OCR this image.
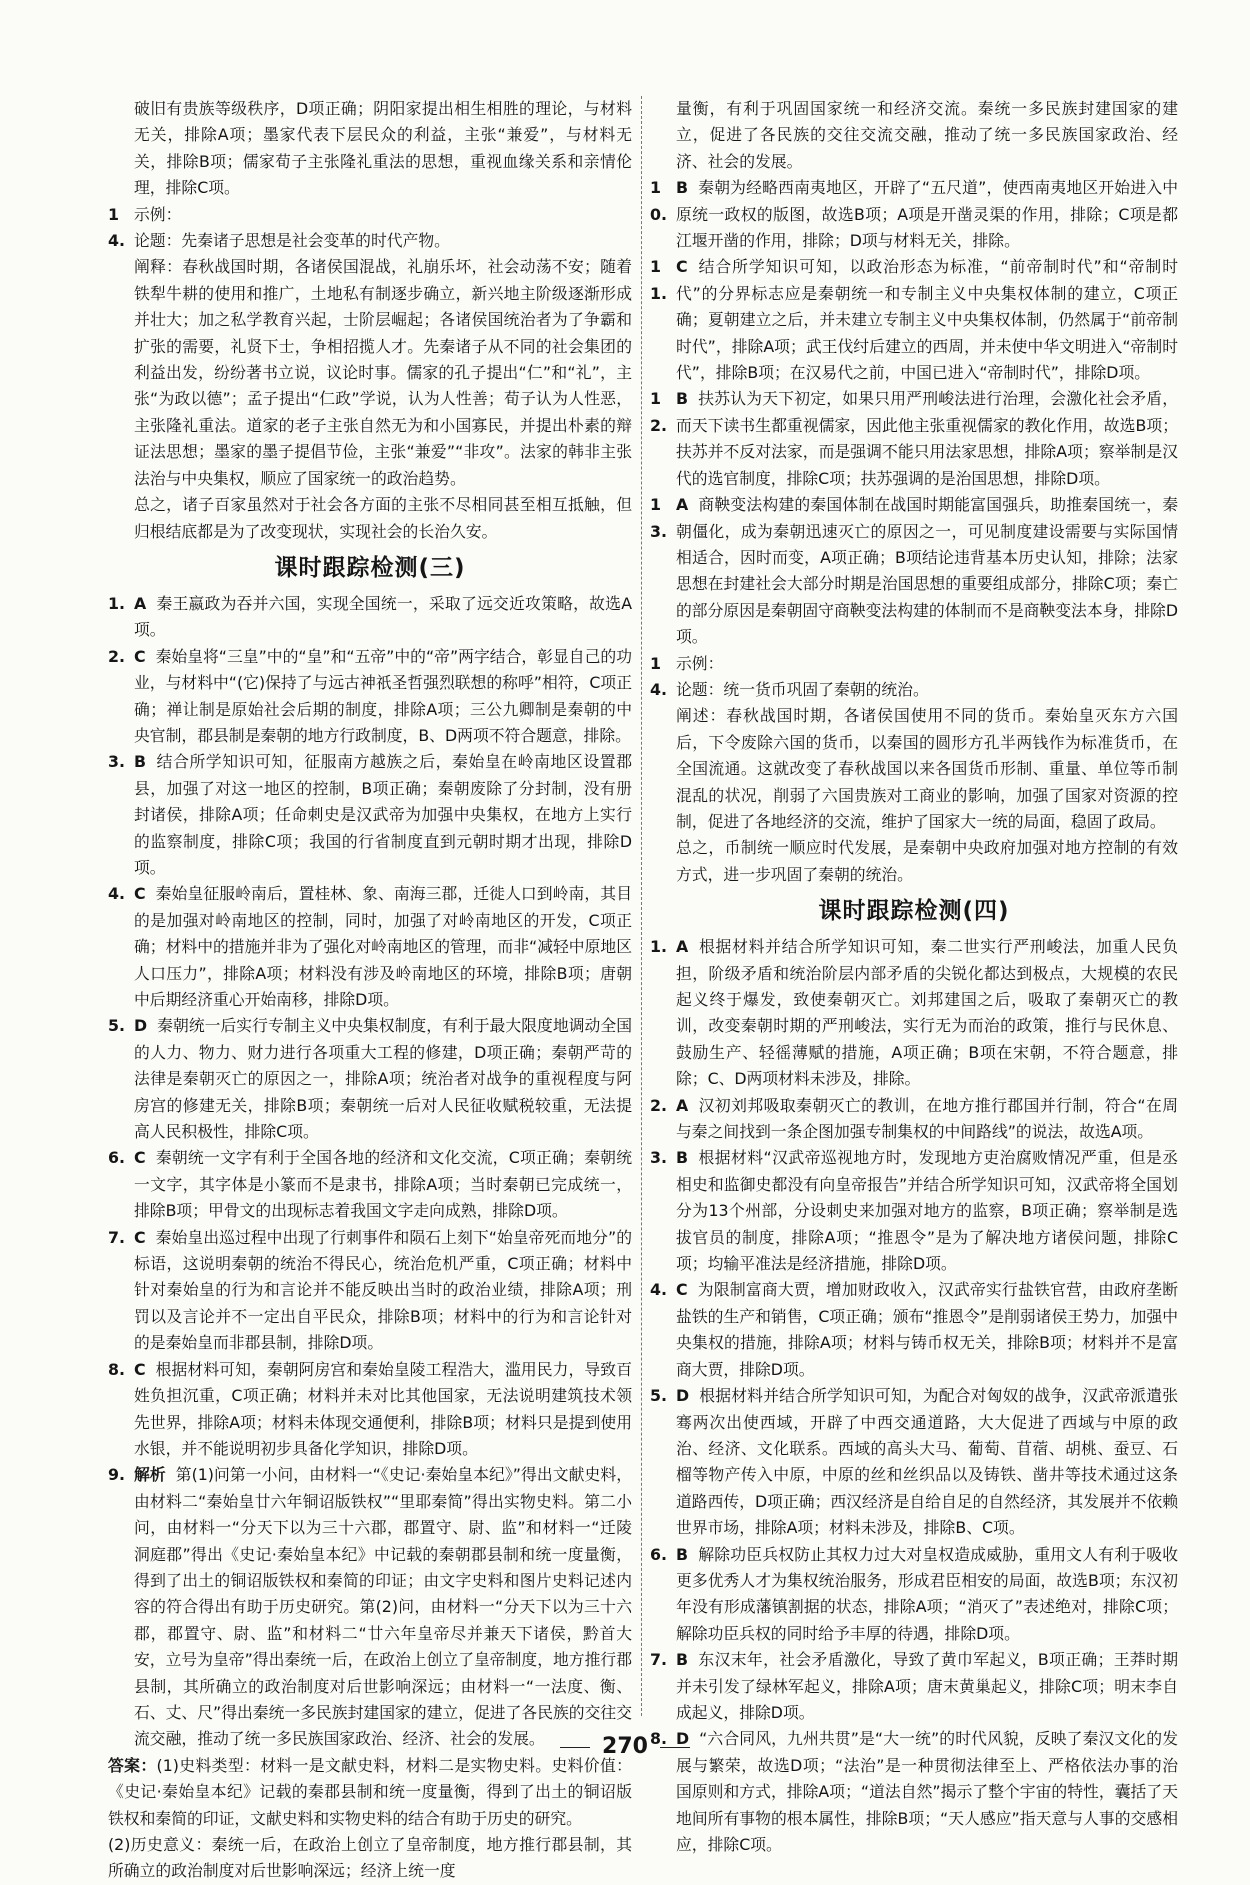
破旧有贵族等级秩序，D项正确；阴阳家提出相生相胜的理论，与材料无关，排除A项；墨家代表下层民众的利益，主张“兼爱”，与材料无关，排除B项；儒家荀子主张隆礼重法的思想，重视血缘关系和亲情伦理，排除C项。

14.

示例：

论题：先秦诸子思想是社会变革的时代产物。

阐释：春秋战国时期，各诸侯国混战，礼崩乐坏，社会动荡不安；随着铁犁牛耕的使用和推广，土地私有制逐步确立，新兴地主阶级逐渐形成并壮大；加之私学教育兴起，士阶层崛起；各诸侯国统治者为了争霸和扩张的需要，礼贤下士，争相招揽人才。先秦诸子从不同的社会集团的利益出发，纷纷著书立说，议论时事。儒家的孔子提出“仁”和“礼”，主张“为政以德”；孟子提出“仁政”学说，认为人性善；荀子认为人性恶，主张隆礼重法。道家的老子主张自然无为和小国寡民，并提出朴素的辩证法思想；墨家的墨子提倡节俭，主张“兼爱”“非攻”。法家的韩非主张法治与中央集权，顺应了国家统一的政治趋势。

总之，诸子百家虽然对于社会各方面的主张不尽相同甚至相互抵触，但归根结底都是为了改变现状，实现社会的长治久安。

课时跟踪检测(三)
1. A 秦王嬴政为吞并六国，实现全国统一，采取了远交近攻策略，故选A项。
2. C 秦始皇将“三皇”中的“皇”和“五帝”中的“帝”两字结合，彰显自己的功业，与材料中“(它)保持了与远古神祇圣哲强烈联想的称呼”相符，C项正确；禅让制是原始社会后期的制度，排除A项；三公九卿制是秦朝的中央官制，郡县制是秦朝的地方行政制度，B、D两项不符合题意，排除。
3. B 结合所学知识可知，征服南方越族之后，秦始皇在岭南地区设置郡县，加强了对这一地区的控制，B项正确；秦朝废除了分封制，没有册封诸侯，排除A项；任命刺史是汉武帝为加强中央集权，在地方上实行的监察制度，排除C项；我国的行省制度直到元朝时期才出现，排除D项。
4. C 秦始皇征服岭南后，置桂林、象、南海三郡，迁徙人口到岭南，其目的是加强对岭南地区的控制，同时，加强了对岭南地区的开发，C项正确；材料中的措施并非为了强化对岭南地区的管理，而非“减轻中原地区人口压力”，排除A项；材料没有涉及岭南地区的环境，排除B项；唐朝中后期经济重心开始南移，排除D项。
5. D 秦朝统一后实行专制主义中央集权制度，有利于最大限度地调动全国的人力、物力、财力进行各项重大工程的修建，D项正确；秦朝严苛的法律是秦朝灭亡的原因之一，排除A项；统治者对战争的重视程度与阿房宫的修建无关，排除B项；秦朝统一后对人民征收赋税较重，无法提高人民积极性，排除C项。
6. C 秦朝统一文字有利于全国各地的经济和文化交流，C项正确；秦朝统一文字，其字体是小篆而不是隶书，排除A项；当时秦朝已完成统一，排除B项；甲骨文的出现标志着我国文字走向成熟，排除D项。
7. C 秦始皇出巡过程中出现了行刺事件和陨石上刻下“始皇帝死而地分”的标语，这说明秦朝的统治不得民心，统治危机严重，C项正确；材料中针对秦始皇的行为和言论并不能反映出当时的政治业绩，排除A项；刑罚以及言论并不一定出自平民众，排除B项；材料中的行为和言论针对的是秦始皇而非郡县制，排除D项。
8. C 根据材料可知，秦朝阿房宫和秦始皇陵工程浩大，滥用民力，导致百姓负担沉重，C项正确；材料并未对比其他国家，无法说明建筑技术领先世界，排除A项；材料未体现交通便利，排除B项；材料只是提到使用水银，并不能说明初步具备化学知识，排除D项。
9. 解析 第(1)问第一小问，由材料一“《史记·秦始皇本纪》”得出文献史料，由材料二“秦始皇廿六年铜诏版铁权”“里耶秦简”得出实物史料。第二小问，由材料一“分天下以为三十六郡，郡置守、尉、监”和材料一“迁陵洞庭郡”得出《史记·秦始皇本纪》中记载的秦朝郡县制和统一度量衡，得到了出土的铜诏版铁权和秦简的印证；由文字史料和图片史料记述内容的符合得出有助于历史研究。第(2)问，由材料一“分天下以为三十六郡，郡置守、尉、监”和材料二“廿六年皇帝尽并兼天下诸侯，黔首大安，立号为皇帝”得出秦统一后，在政治上创立了皇帝制度，地方推行郡县制，其所确立的政治制度对后世影响深远；由材料一“一法度、衡、石、丈、尺”得出秦统一多民族封建国家的建立，促进了各民族的交往交流交融，推动了统一多民族国家政治、经济、社会的发展。

答案：(1)史料类型：材料一是文献史料，材料二是实物史料。史料价值：《史记·秦始皇本纪》记载的秦郡县制和统一度量衡，得到了出土的铜诏版铁权和秦简的印证，文献史料和实物史料的结合有助于历史的研究。

(2)历史意义：秦统一后，在政治上创立了皇帝制度，地方推行郡县制，其所确立的政治制度对后世影响深远；经济上统一度

量衡，有利于巩固国家统一和经济交流。秦统一多民族封建国家的建立，促进了各民族的交往交流交融，推动了统一多民族国家政治、经济、社会的发展。

10.
B 秦朝为经略西南夷地区，开辟了“五尺道”，使西南夷地区开始进入中原统一政权的版图，故选B项；A项是开凿灵渠的作用，排除；C项是都江堰开凿的作用，排除；D项与材料无关，排除。
11.
C 结合所学知识可知，以政治形态为标准，“前帝制时代”和“帝制时代”的分界标志应是秦朝统一和专制主义中央集权体制的建立，C项正确；夏朝建立之后，并未建立专制主义中央集权体制，仍然属于“前帝制时代”，排除A项；武王伐纣后建立的西周，并未使中华文明进入“帝制时代”，排除B项；在汉易代之前，中国已进入“帝制时代”，排除D项。
12.
B 扶苏认为天下初定，如果只用严刑峻法进行治理，会激化社会矛盾，而天下读书生都重视儒家，因此他主张重视儒家的教化作用，故选B项；扶苏并不反对法家，而是强调不能只用法家思想，排除A项；察举制是汉代的选官制度，排除C项；扶苏强调的是治国思想，排除D项。
13.
A 商鞅变法构建的秦国体制在战国时期能富国强兵，助推秦国统一，秦朝僵化，成为秦朝迅速灭亡的原因之一，可见制度建设需要与实际国情相适合，因时而变，A项正确；B项结论违背基本历史认知，排除；法家思想在封建社会大部分时期是治国思想的重要组成部分，排除C项；秦亡的部分原因是秦朝固守商鞅变法构建的体制而不是商鞅变法本身，排除D项。
14.

示例：

论题：统一货币巩固了秦朝的统治。

阐述：春秋战国时期，各诸侯国使用不同的货币。秦始皇灭东方六国后，下令废除六国的货币，以秦国的圆形方孔半两钱作为标准货币，在全国流通。这就改变了春秋战国以来各国货币形制、重量、单位等币制混乱的状况，削弱了六国贵族对工商业的影响，加强了国家对资源的控制，促进了各地经济的交流，维护了国家大一统的局面，稳固了政局。

总之，币制统一顺应时代发展，是秦朝中央政府加强对地方控制的有效方式，进一步巩固了秦朝的统治。

课时跟踪检测(四)
1. A 根据材料并结合所学知识可知，秦二世实行严刑峻法，加重人民负担，阶级矛盾和统治阶层内部矛盾的尖锐化都达到极点，大规模的农民起义终于爆发，致使秦朝灭亡。刘邦建国之后，吸取了秦朝灭亡的教训，改变秦朝时期的严刑峻法，实行无为而治的政策，推行与民休息、鼓励生产、轻徭薄赋的措施，A项正确；B项在宋朝，不符合题意，排除；C、D两项材料未涉及，排除。
2. A 汉初刘邦吸取秦朝灭亡的教训，在地方推行郡国并行制，符合“在周与秦之间找到一条企图加强专制集权的中间路线”的说法，故选A项。
3. B 根据材料“汉武帝巡视地方时，发现地方吏治腐败情况严重，但是丞相史和监御史都没有向皇帝报告”并结合所学知识可知，汉武帝将全国划分为13个州部，分设刺史来加强对地方的监察，B项正确；察举制是选拔官员的制度，排除A项；“推恩令”是为了解决地方诸侯问题，排除C项；均输平准法是经济措施，排除D项。
4. C 为限制富商大贾，增加财政收入，汉武帝实行盐铁官营，由政府垄断盐铁的生产和销售，C项正确；颁布“推恩令”是削弱诸侯王势力，加强中央集权的措施，排除A项；材料与铸币权无关，排除B项；材料并不是富商大贾，排除D项。
5. D 根据材料并结合所学知识可知，为配合对匈奴的战争，汉武帝派遣张骞两次出使西域，开辟了中西交通道路，大大促进了西域与中原的政治、经济、文化联系。西域的高头大马、葡萄、苜蓿、胡桃、蚕豆、石榴等物产传入中原，中原的丝和丝织品以及铸铁、凿井等技术通过这条道路西传，D项正确；西汉经济是自给自足的自然经济，其发展并不依赖世界市场，排除A项；材料未涉及，排除B、C项。
6. B 解除功臣兵权防止其权力过大对皇权造成威胁，重用文人有利于吸收更多优秀人才为集权统治服务，形成君臣相安的局面，故选B项；东汉初年没有形成藩镇割据的状态，排除A项；“消灭了”表述绝对，排除C项；解除功臣兵权的同时给予丰厚的待遇，排除D项。
7. B 东汉末年，社会矛盾激化，导致了黄巾军起义，B项正确；王莽时期并未引发了绿林军起义，排除A项；唐末黄巢起义，排除C项；明末李自成起义，排除D项。
8. D “六合同风，九州共贯”是“大一统”的时代风貌，反映了秦汉文化的发展与繁荣，故选D项；“法治”是一种贯彻法律至上、严格依法办事的治国原则和方式，排除A项；“道法自然”揭示了整个宇宙的特性，囊括了天地间所有事物的根本属性，排除B项；“天人感应”指天意与人事的交感相应，排除C项。
270
